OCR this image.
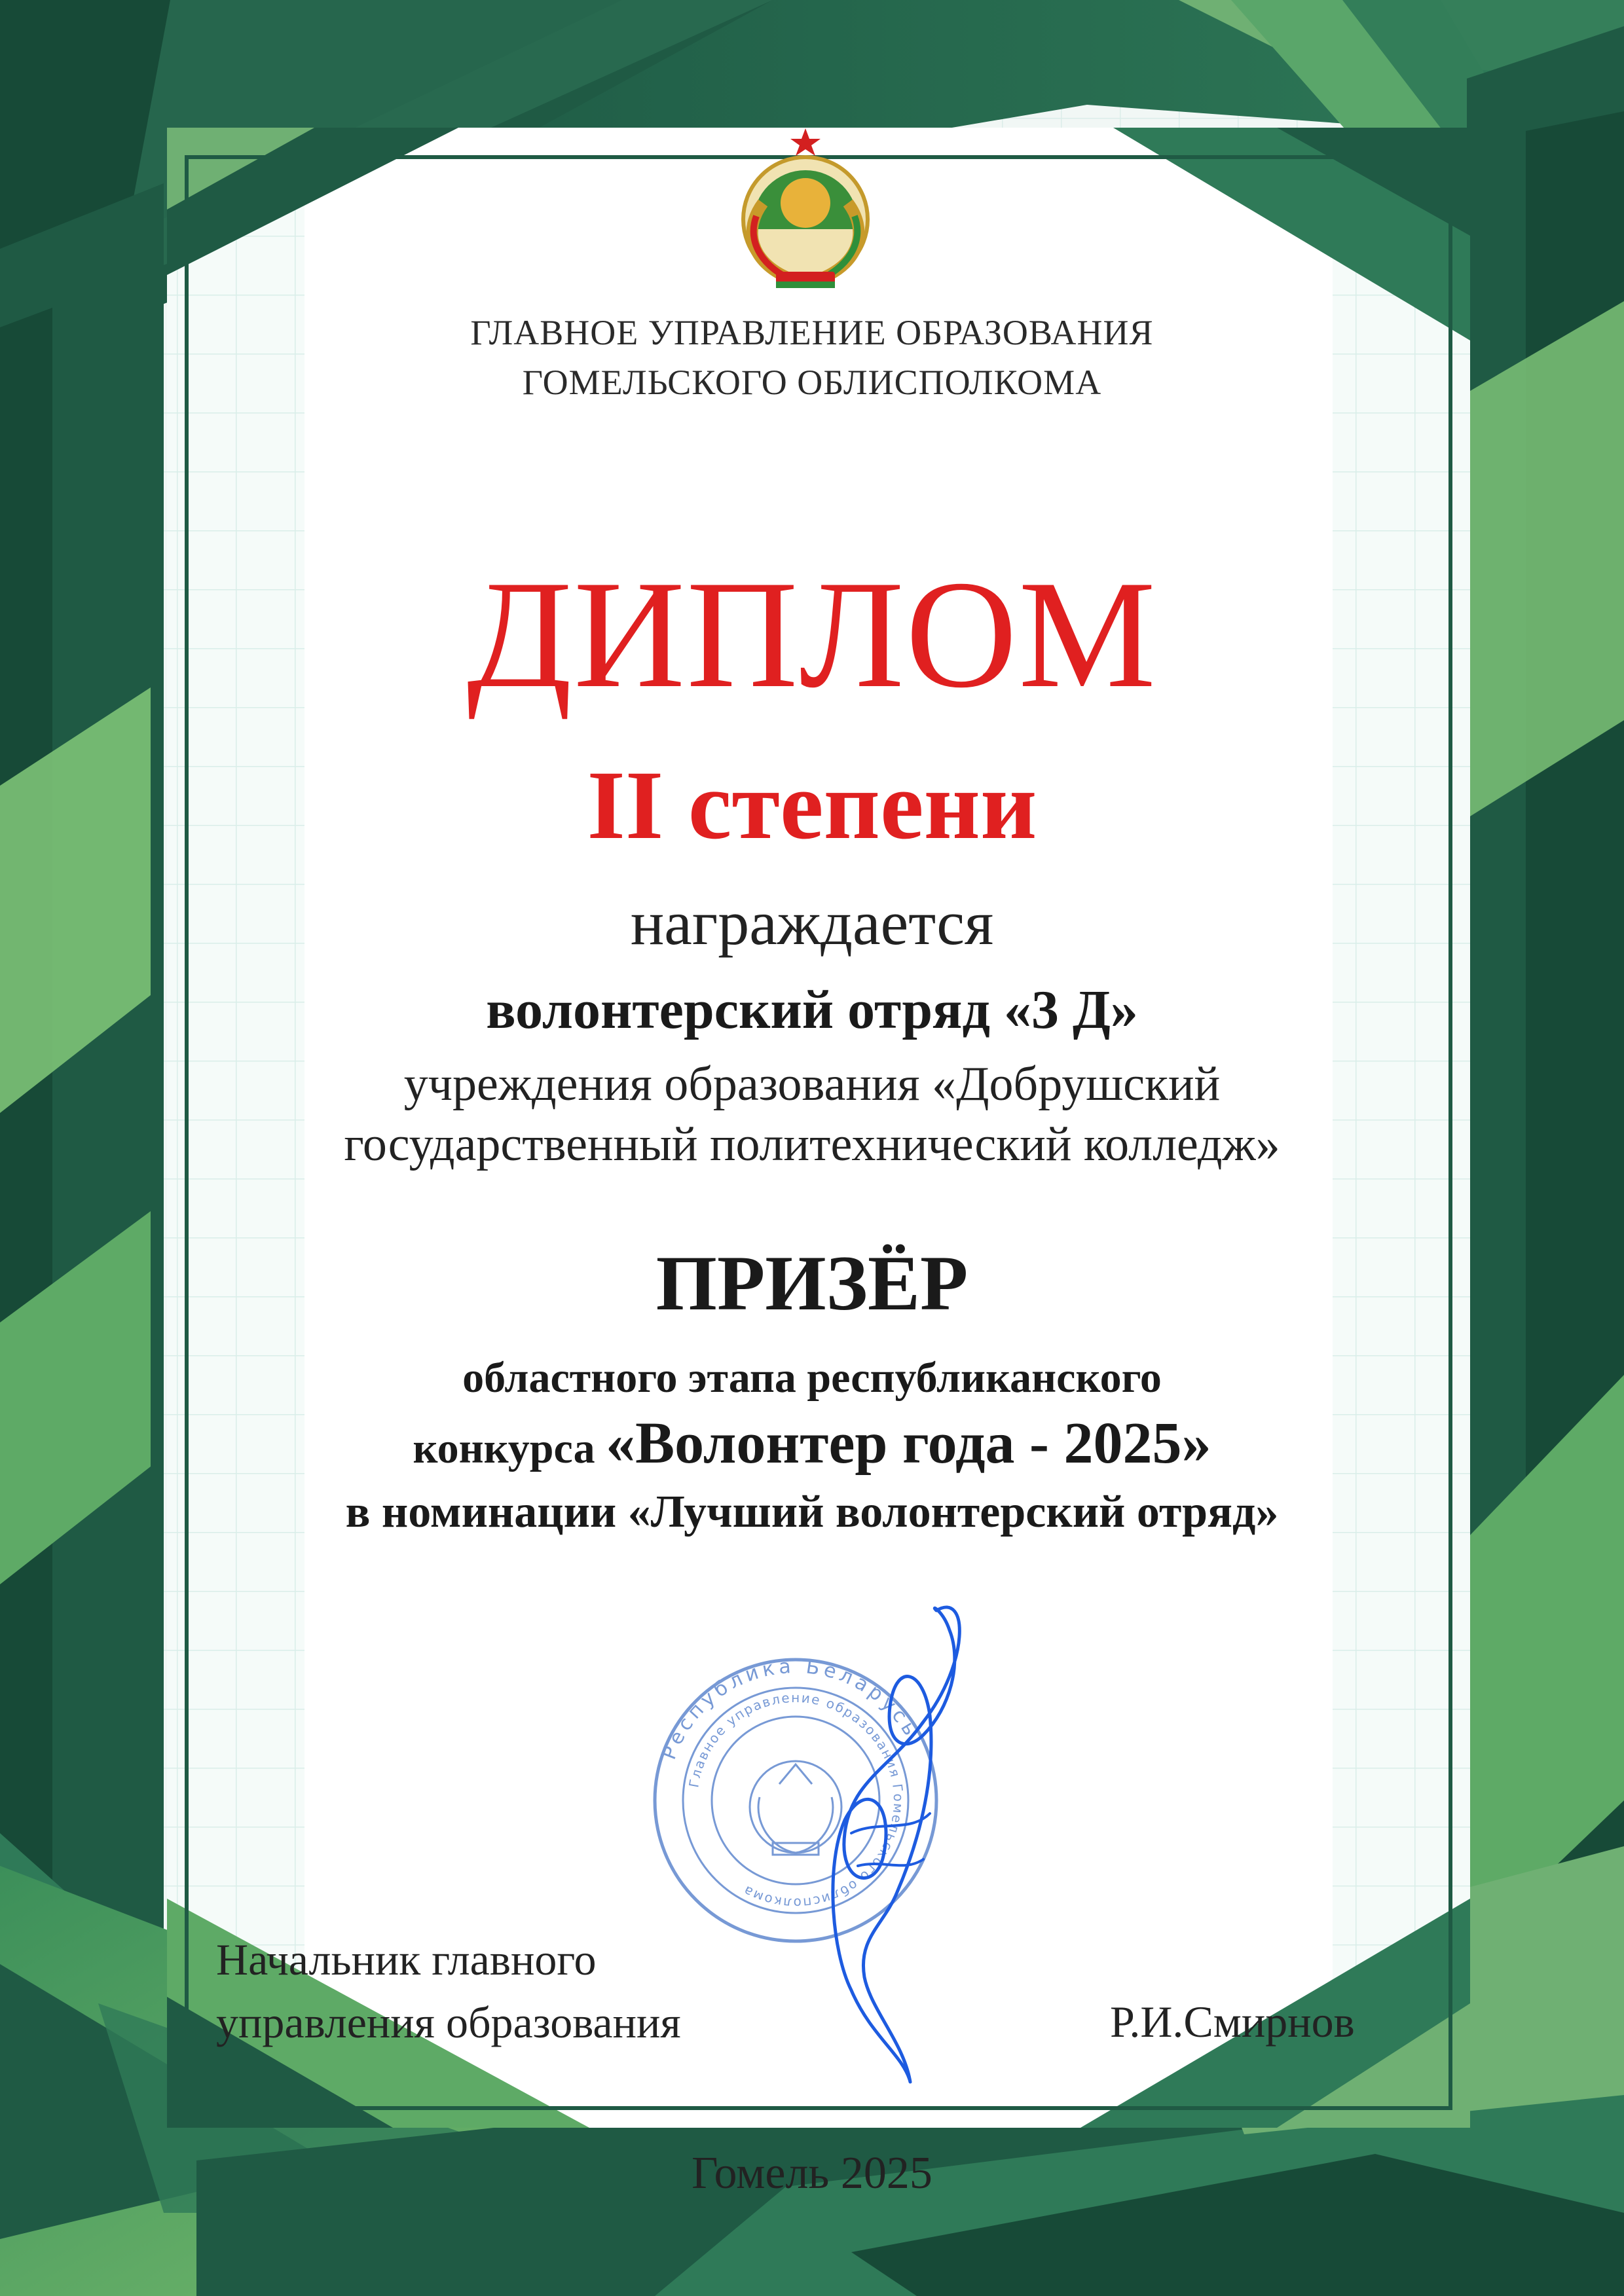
ГЛАВНОЕ УПРАВЛЕНИЕ ОБРАЗОВАНИЯ
ГОМЕЛЬСКОГО ОБЛИСПОЛКОМА
ДИПЛОМ
II степени
награждается
волонтерский отряд «3 Д»
учреждения образования «Добрушский
государственный политехнический колледж»
ПРИЗЁР
областного этапа республиканского
конкурса «Волонтер года - 2025»
в номинации «Лучший волонтерский отряд»
Республика Беларусь
Главное управление образования Гомельского облисполкома
Начальник главного
управления образования	Р.И.Смирнов
Гомель 2025
